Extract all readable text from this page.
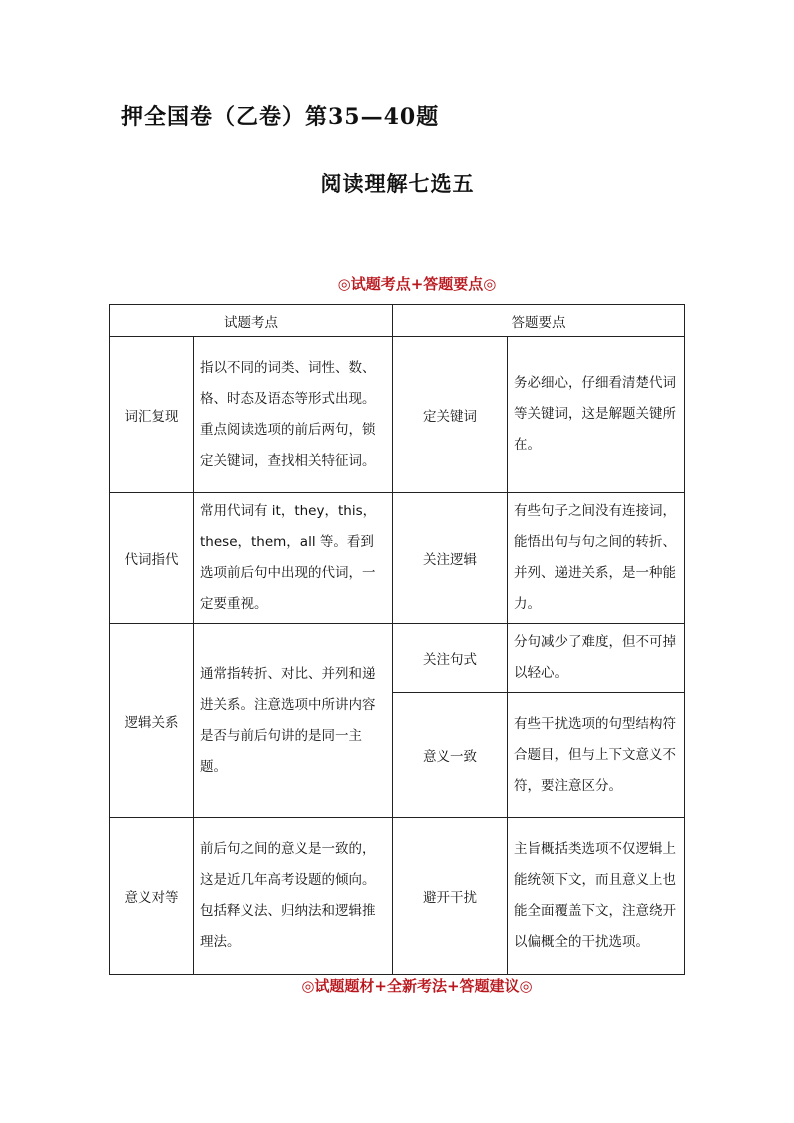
押全国卷（乙卷）第35—40题
阅读理解七选五
◎试题考点+答题要点◎
试题考点		答题要点	
词汇复现	指以不同的词类、词性、数、格、时态及语态等形式出现。重点阅读选项的前后两句，锁定关键词，查找相关特征词。	定关键词	务必细心，仔细看清楚代词等关键词，这是解题关键所在。
代词指代	常用代词有 it，they，this，these，them，all 等。看到选项前后句中出现的代词，一定要重视。	关注逻辑	有些句子之间没有连接词，能悟出句与句之间的转折、并列、递进关系，是一种能力。
逻辑关系	通常指转折、对比、并列和递进关系。注意选项中所讲内容是否与前后句讲的是同一主题。	关注句式	分句减少了难度，但不可掉以轻心。
		意义一致	有些干扰选项的句型结构符合题目，但与上下文意义不符，要注意区分。
意义对等	前后句之间的意义是一致的，这是近几年高考设题的倾向。包括释义法、归纳法和逻辑推理法。	避开干扰	主旨概括类选项不仅逻辑上能统领下文，而且意义上也能全面覆盖下文，注意绕开以偏概全的干扰选项。
◎试题题材+全新考法+答题建议◎
